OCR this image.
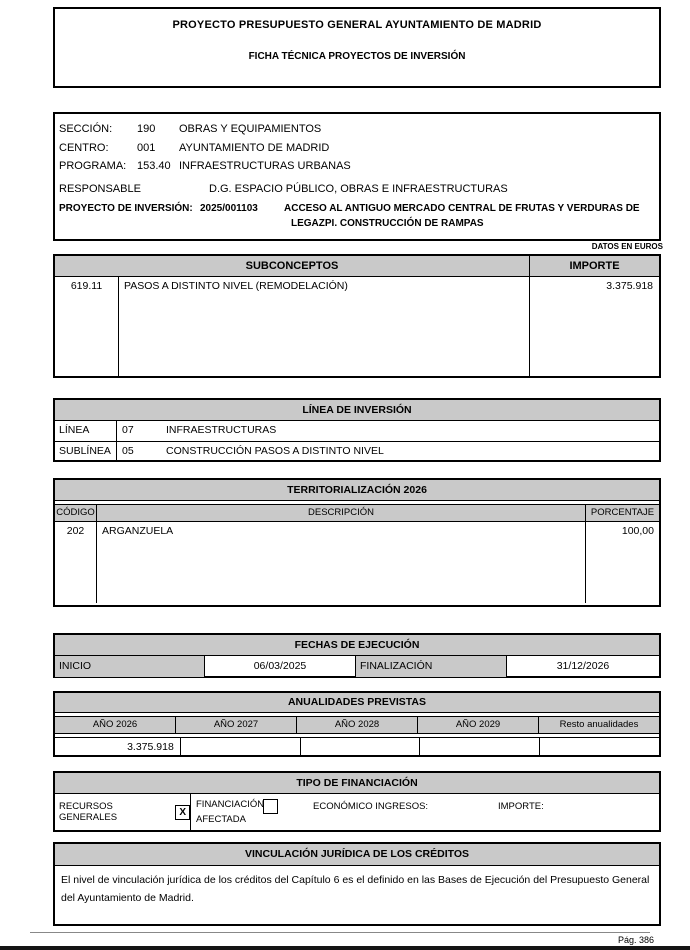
PROYECTO PRESUPUESTO GENERAL AYUNTAMIENTO DE MADRID
FICHA TÉCNICA PROYECTOS DE INVERSIÓN
SECCIÓN:	190	OBRAS Y EQUIPAMIENTOS
CENTRO:	001	AYUNTAMIENTO DE MADRID
PROGRAMA: 153.40 INFRAESTRUCTURAS URBANAS
RESPONSABLE	D.G. ESPACIO PÚBLICO, OBRAS E INFRAESTRUCTURAS
PROYECTO DE INVERSIÓN: 2025/001103	ACCESO AL ANTIGUO MERCADO CENTRAL DE FRUTAS Y VERDURAS DE
LEGAZPI. CONSTRUCCIÓN DE RAMPAS
DATOS EN EUROS
SUBCONCEPTOS	IMPORTE
619.11	PASOS A DISTINTO NIVEL (REMODELACIÓN)	3.375.918
LÍNEA DE INVERSIÓN
LÍNEA	07	INFRAESTRUCTURAS
SUBLÍNEA	05	CONSTRUCCIÓN PASOS A DISTINTO NIVEL
TERRITORIALIZACIÓN 2026
CÓDIGO	DESCRIPCIÓN	PORCENTAJE
202	ARGANZUELA	100,00
FECHAS DE EJECUCIÓN
INICIO	06/03/2025	FINALIZACIÓN	31/12/2026
ANUALIDADES PREVISTAS
AÑO 2026	AÑO 2027	AÑO 2028	AÑO 2029	Resto anualidades
3.375.918
TIPO DE FINANCIACIÓN
RECURSOS GENERALES	X
FINANCIACIÓN
AFECTADA
ECONÓMICO INGRESOS:	IMPORTE:
VINCULACIÓN JURÍDICA DE LOS CRÉDITOS
El nivel de vinculación jurídica de los créditos del Capítulo 6 es el definido en las Bases de Ejecución del Presupuesto General del Ayuntamiento de Madrid.
Pág. 386
